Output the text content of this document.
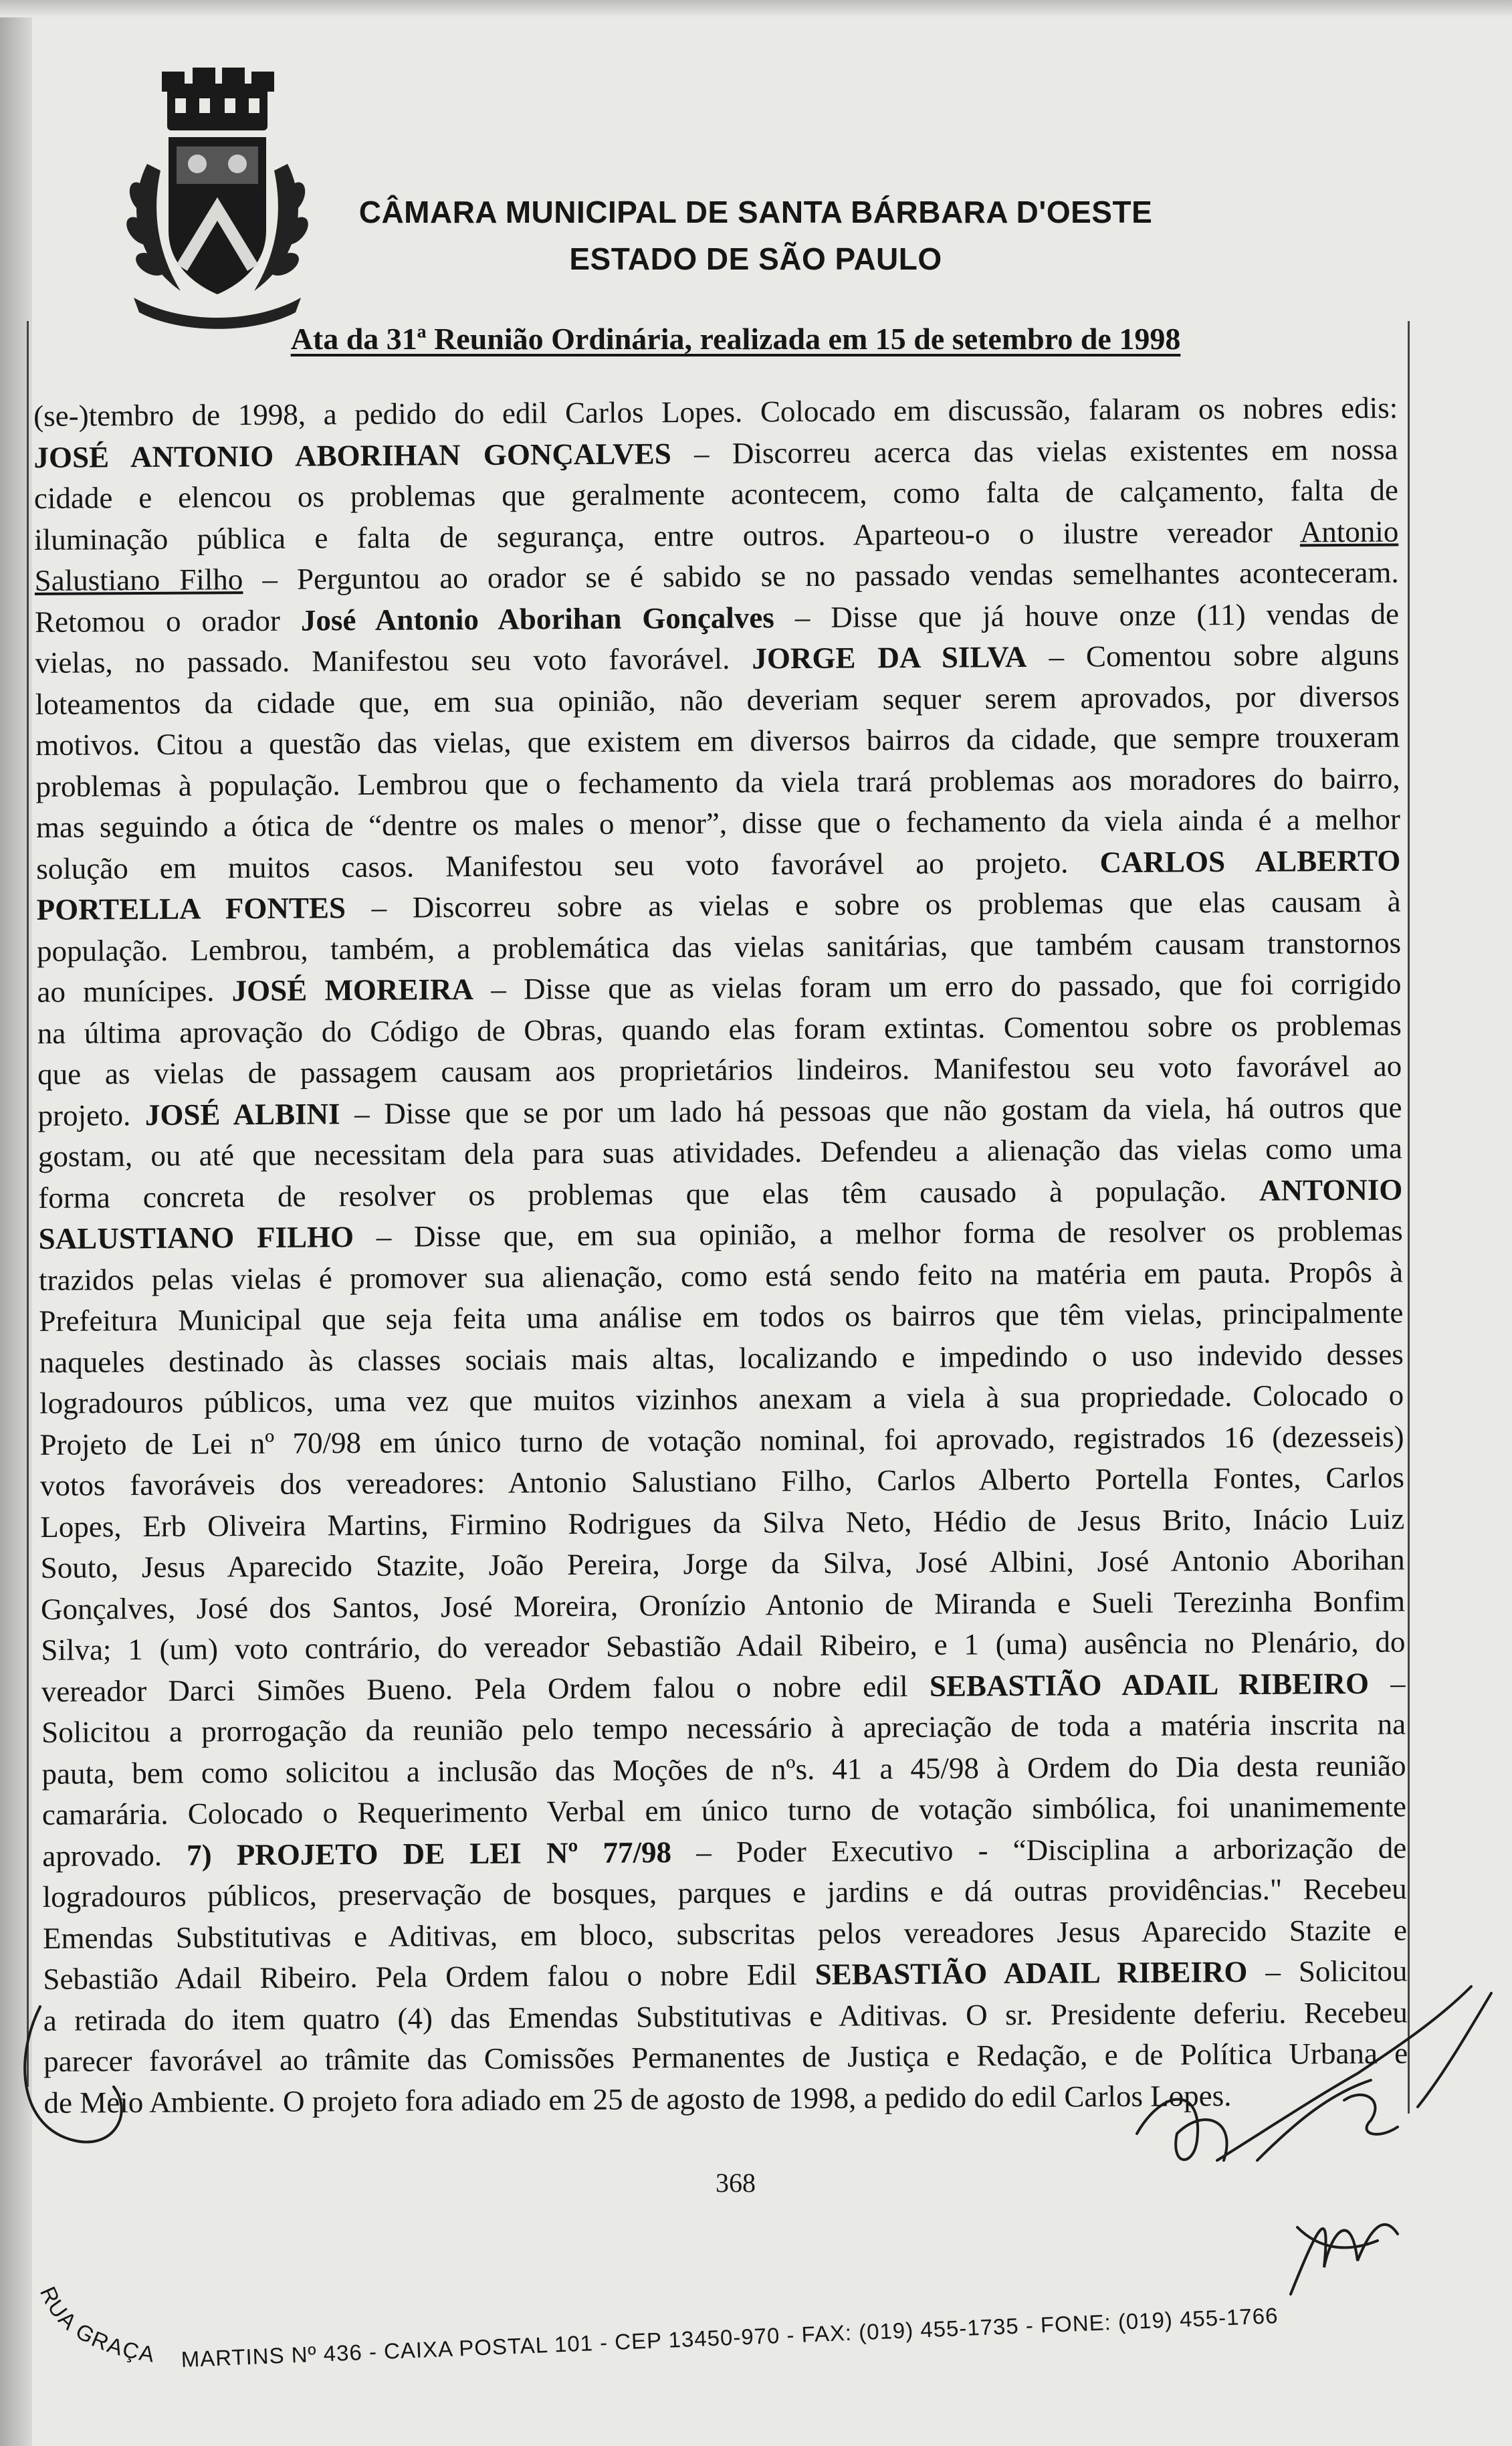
CÂMARA MUNICIPAL DE SANTA BÁRBARA D'OESTE
ESTADO DE SÃO PAULO
Ata da 31ª Reunião Ordinária, realizada em 15 de setembro de 1998
(se-)tembro de 1998, a pedido do edil Carlos Lopes. Colocado em discussão, falaram os nobres edis:
JOSÉ ANTONIO ABORIHAN GONÇALVES – Discorreu acerca das vielas existentes em nossa
cidade e elencou os problemas que geralmente acontecem, como falta de calçamento, falta de
iluminação pública e falta de segurança, entre outros. Aparteou-o o ilustre vereador Antonio
Salustiano Filho – Perguntou ao orador se é sabido se no passado vendas semelhantes aconteceram.
Retomou o orador José Antonio Aborihan Gonçalves – Disse que já houve onze (11) vendas de
vielas, no passado. Manifestou seu voto favorável. JORGE DA SILVA – Comentou sobre alguns
loteamentos da cidade que, em sua opinião, não deveriam sequer serem aprovados, por diversos
motivos. Citou a questão das vielas, que existem em diversos bairros da cidade, que sempre trouxeram
problemas à população. Lembrou que o fechamento da viela trará problemas aos moradores do bairro,
mas seguindo a ótica de “dentre os males o menor”, disse que o fechamento da viela ainda é a melhor
solução em muitos casos. Manifestou seu voto favorável ao projeto. CARLOS ALBERTO
PORTELLA FONTES – Discorreu sobre as vielas e sobre os problemas que elas causam à
população. Lembrou, também, a problemática das vielas sanitárias, que também causam transtornos
ao munícipes. JOSÉ MOREIRA – Disse que as vielas foram um erro do passado, que foi corrigido
na última aprovação do Código de Obras, quando elas foram extintas. Comentou sobre os problemas
que as vielas de passagem causam aos proprietários lindeiros. Manifestou seu voto favorável ao
projeto. JOSÉ ALBINI – Disse que se por um lado há pessoas que não gostam da viela, há outros que
gostam, ou até que necessitam dela para suas atividades. Defendeu a alienação das vielas como uma
forma concreta de resolver os problemas que elas têm causado à população. ANTONIO
SALUSTIANO FILHO – Disse que, em sua opinião, a melhor forma de resolver os problemas
trazidos pelas vielas é promover sua alienação, como está sendo feito na matéria em pauta. Propôs à
Prefeitura Municipal que seja feita uma análise em todos os bairros que têm vielas, principalmente
naqueles destinado às classes sociais mais altas, localizando e impedindo o uso indevido desses
logradouros públicos, uma vez que muitos vizinhos anexam a viela à sua propriedade. Colocado o
Projeto de Lei nº 70/98 em único turno de votação nominal, foi aprovado, registrados 16 (dezesseis)
votos favoráveis dos vereadores: Antonio Salustiano Filho, Carlos Alberto Portella Fontes, Carlos
Lopes, Erb Oliveira Martins, Firmino Rodrigues da Silva Neto, Hédio de Jesus Brito, Inácio Luiz
Souto, Jesus Aparecido Stazite, João Pereira, Jorge da Silva, José Albini, José Antonio Aborihan
Gonçalves, José dos Santos, José Moreira, Oronízio Antonio de Miranda e Sueli Terezinha Bonfim
Silva; 1 (um) voto contrário, do vereador Sebastião Adail Ribeiro, e 1 (uma) ausência no Plenário, do
vereador Darci Simões Bueno. Pela Ordem falou o nobre edil SEBASTIÃO ADAIL RIBEIRO –
Solicitou a prorrogação da reunião pelo tempo necessário à apreciação de toda a matéria inscrita na
pauta, bem como solicitou a inclusão das Moções de nºs. 41 a 45/98 à Ordem do Dia desta reunião
camarária. Colocado o Requerimento Verbal em único turno de votação simbólica, foi unanimemente
aprovado. 7) PROJETO DE LEI Nº 77/98 – Poder Executivo - “Disciplina a arborização de
logradouros públicos, preservação de bosques, parques e jardins e dá outras providências." Recebeu
Emendas Substitutivas e Aditivas, em bloco, subscritas pelos vereadores Jesus Aparecido Stazite e
Sebastião Adail Ribeiro. Pela Ordem falou o nobre Edil SEBASTIÃO ADAIL RIBEIRO – Solicitou
a retirada do item quatro (4) das Emendas Substitutivas e Aditivas. O sr. Presidente deferiu. Recebeu
parecer favorável ao trâmite das Comissões Permanentes de Justiça e Redação, e de Política Urbana e
de Meio Ambiente. O projeto fora adiado em 25 de agosto de 1998, a pedido do edil Carlos Lopes.
368
RUA GRAÇA MARTINS Nº 436 - CAIXA POSTAL 101 - CEP 13450-970 - FAX: (019) 455-1735 - FONE: (019) 455-1766
